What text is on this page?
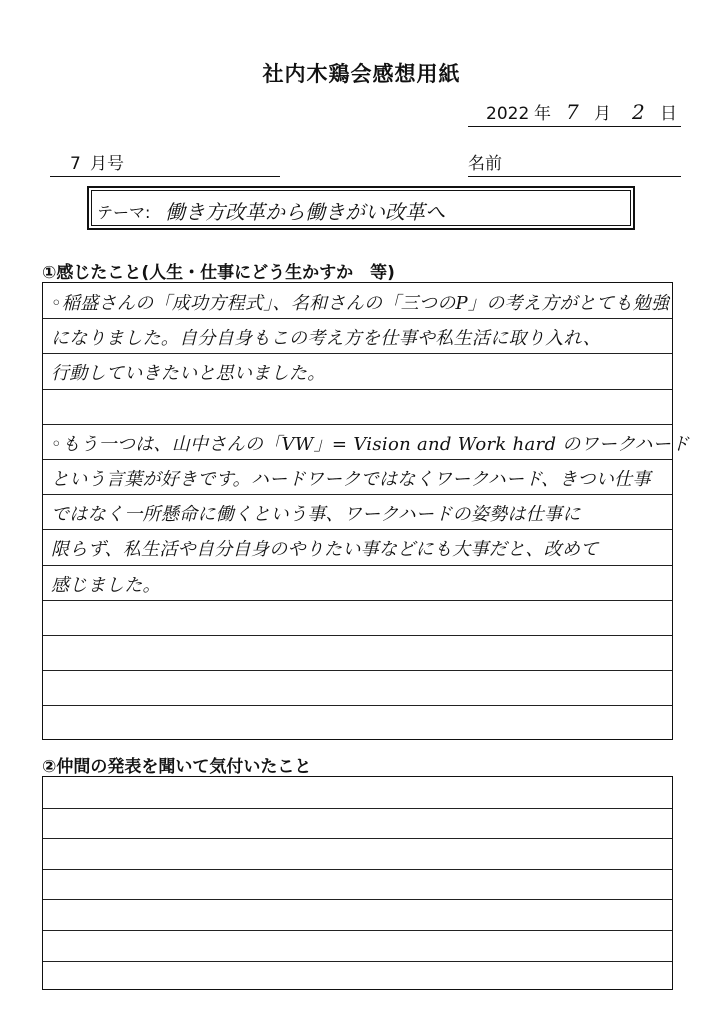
社内木鶏会感想用紙
2022 年 7 月 2 日
7 月号	名前
テーマ: 働き方改革から働きがい改革へ
①感じたこと(人生・仕事にどう生かすか　等)
◦稲盛さんの「成功方程式」、名和さんの「三つのP」の考え方がとても勉強
になりました。自分自身もこの考え方を仕事や私生活に取り入れ、
行動していきたいと思いました。
◦もう一つは、山中さんの「VW」= Vision and Work hard のワークハード
という言葉が好きです。ハードワークではなくワークハード、きつい仕事
ではなく一所懸命に働くという事、ワークハードの姿勢は仕事に
限らず、私生活や自分自身のやりたい事などにも大事だと、改めて
感じました。
②仲間の発表を聞いて気付いたこと
